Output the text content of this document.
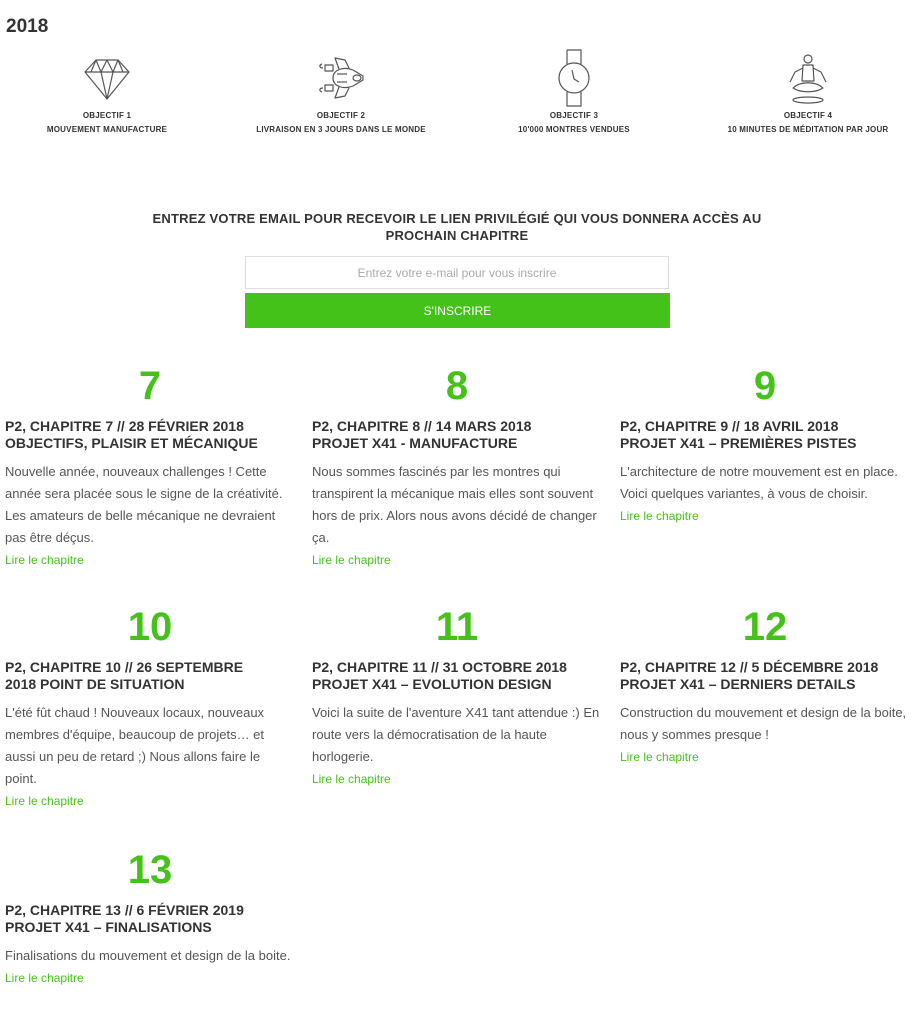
2018
OBJECTIF 1
MOUVEMENT MANUFACTURE
OBJECTIF 2
LIVRAISON EN 3 JOURS DANS LE MONDE
OBJECTIF 3
10'000 MONTRES VENDUES
OBJECTIF 4
10 MINUTES DE MÉDITATION PAR JOUR
ENTREZ VOTRE EMAIL POUR RECEVOIR LE LIEN PRIVILÉGIÉ QUI VOUS DONNERA ACCÈS AU
PROCHAIN CHAPITRE
Entrez votre e-mail pour vous inscrire
S'INSCRIRE
7
P2, CHAPITRE 7 // 28 FÉVRIER 2018
OBJECTIFS, PLAISIR ET MÉCANIQUE
Nouvelle année, nouveaux challenges ! Cette année sera placée sous le signe de la créativité. Les amateurs de belle mécanique ne devraient pas être déçus.
Lire le chapitre
8
P2, CHAPITRE 8 // 14 MARS 2018
PROJET X41 - MANUFACTURE
Nous sommes fascinés par les montres qui transpirent la mécanique mais elles sont souvent hors de prix. Alors nous avons décidé de changer ça.
Lire le chapitre
9
P2, CHAPITRE 9 // 18 AVRIL 2018
PROJET X41 – PREMIÈRES PISTES
L'architecture de notre mouvement est en place. Voici quelques variantes, à vous de choisir.
Lire le chapitre
10
P2, CHAPITRE 10 // 26 SEPTEMBRE
2018 POINT DE SITUATION
L'été fût chaud ! Nouveaux locaux, nouveaux membres d'équipe, beaucoup de projets… et aussi un peu de retard ;) Nous allons faire le point.
Lire le chapitre
11
P2, CHAPITRE 11 // 31 OCTOBRE 2018
PROJET X41 – EVOLUTION DESIGN
Voici la suite de l'aventure X41 tant attendue :) En route vers la démocratisation de la haute horlogerie.
Lire le chapitre
12
P2, CHAPITRE 12 // 5 DÉCEMBRE 2018
PROJET X41 – DERNIERS DETAILS
Construction du mouvement et design de la boite, nous y sommes presque !
Lire le chapitre
13
P2, CHAPITRE 13 // 6 FÉVRIER 2019
PROJET X41 – FINALISATIONS
Finalisations du mouvement et design de la boite.
Lire le chapitre
